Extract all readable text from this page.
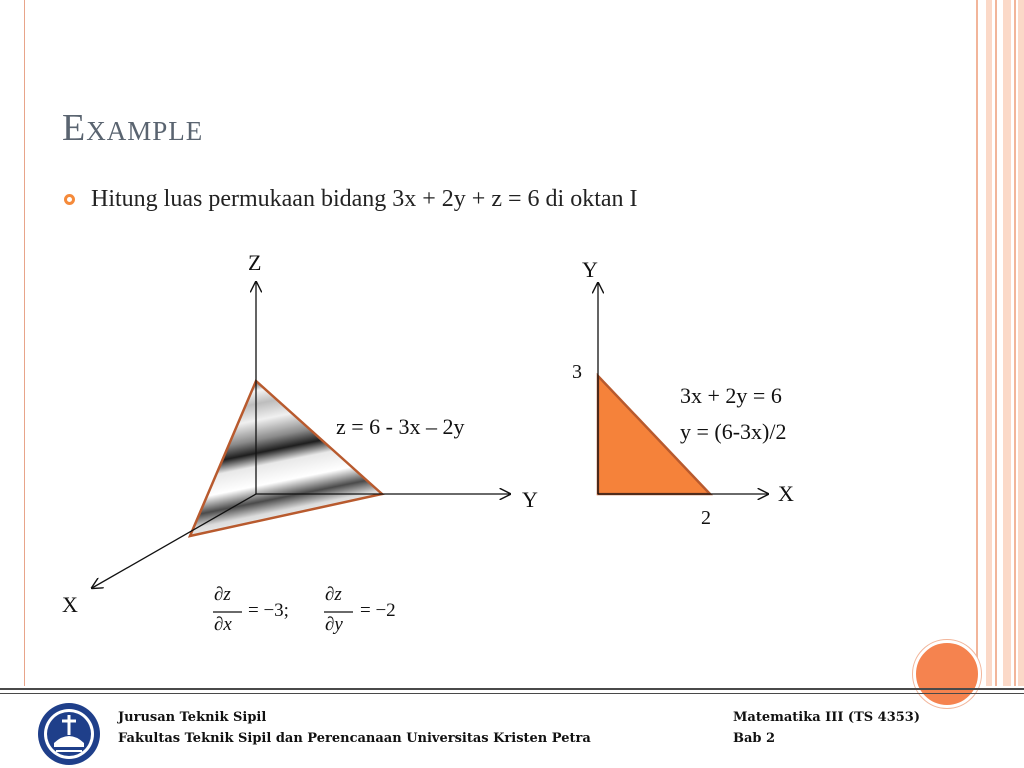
Example
Hitung luas permukaan bidang 3x + 2y + z = 6 di oktan I
Z
Y
X
z = 6 - 3x – 2y
Y
X
3
2
3x + 2y = 6
y = (6-3x)/2
∂z
∂x
= −3;
∂z
∂y
= −2
Jurusan Teknik Sipil
Fakultas Teknik Sipil dan Perencanaan Universitas Kristen Petra
Matematika III (TS 4353)
Bab 2
